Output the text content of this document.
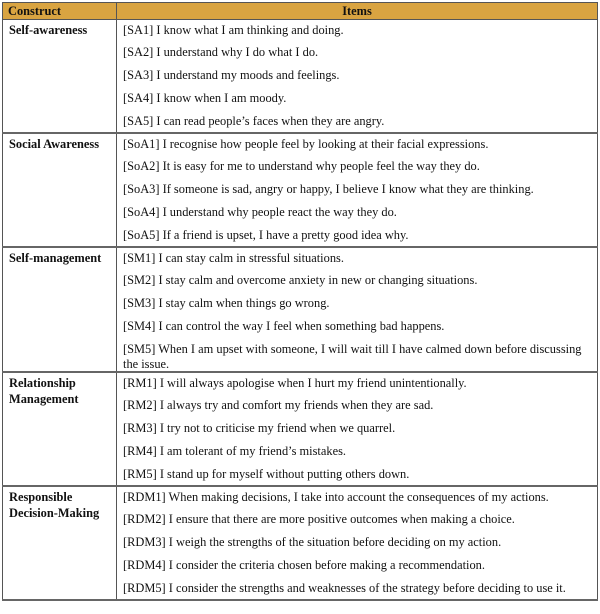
Construct	Items
Self-awareness	[SA1] I know what I am thinking and doing.
[SA2] I understand why I do what I do.
[SA3] I understand my moods and feelings.
[SA4] I know when I am moody.
[SA5] I can read people’s faces when they are angry.

Social Awareness	[SoA1] I recognise how people feel by looking at their facial expressions.
[SoA2] It is easy for me to understand why people feel the way they do.
[SoA3] If someone is sad, angry or happy, I believe I know what they are thinking.
[SoA4] I understand why people react the way they do.
[SoA5] If a friend is upset, I have a pretty good idea why.

Self-management	[SM1] I can stay calm in stressful situations.
[SM2] I stay calm and overcome anxiety in new or changing situations.
[SM3] I stay calm when things go wrong.
[SM4] I can control the way I feel when something bad happens.
[SM5] When I am upset with someone, I will wait till I have calmed down before discussing the issue.

Relationship Management	[RM1] I will always apologise when I hurt my friend unintentionally.
[RM2] I always try and comfort my friends when they are sad.
[RM3] I try not to criticise my friend when we quarrel.
[RM4] I am tolerant of my friend’s mistakes.
[RM5] I stand up for myself without putting others down.

Responsible Decision-Making	[RDM1] When making decisions, I take into account the consequences of my actions.
[RDM2] I ensure that there are more positive outcomes when making a choice.
[RDM3] I weigh the strengths of the situation before deciding on my action.
[RDM4] I consider the criteria chosen before making a recommendation.
[RDM5] I consider the strengths and weaknesses of the strategy before deciding to use it.
